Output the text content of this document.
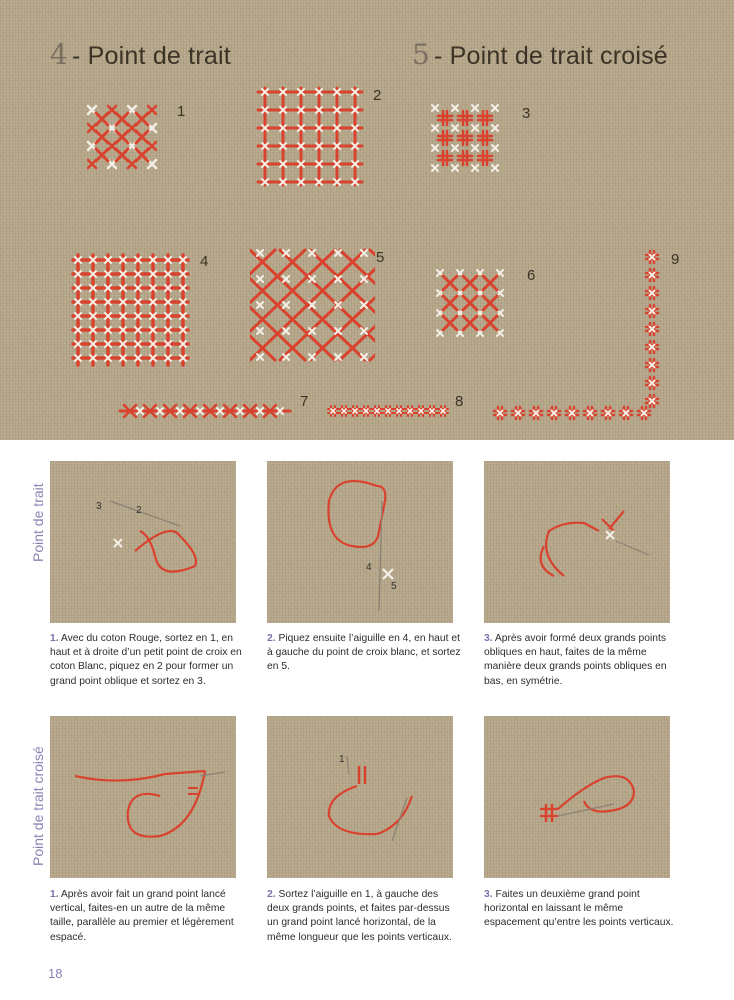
4 - Point de trait	5 - Point de trait croisé
1
2
3
4	5
6
7	8
9
Point de trait
Point de trait croisé
3	2
4
5
1. Avec du coton Rouge, sortez en 1, en haut et à droite d’un petit point de croix en coton Blanc, piquez en 2 pour former un grand point oblique et sortez en 3.
2. Piquez ensuite l’aiguille en 4, en haut et à gauche du point de croix blanc, et sortez en 5.
3. Après avoir formé deux grands points obliques en haut, faites de la même manière deux grands points obliques en bas, en symétrie.
1
1. Après avoir fait un grand point lancé vertical, faites-en un autre de la même taille, parallèle au premier et légèrement espacé.
2. Sortez l’aiguille en 1, à gauche des deux grands points, et faites par-dessus un grand point lancé horizontal, de la même longueur que les points verticaux.
3. Faites un deuxième grand point horizontal en laissant le même espacement qu’entre les points verticaux.
18
